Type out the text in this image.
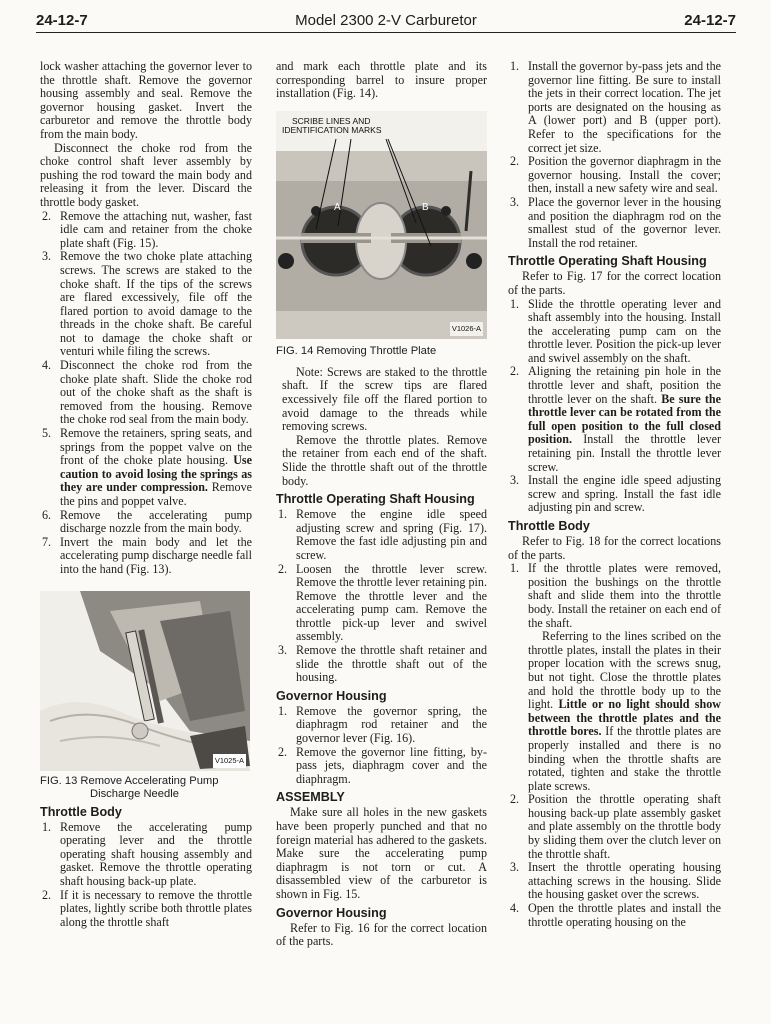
24-12-7	Model 2300 2-V Carburetor	24-12-7

lock washer attaching the governor lever to the throttle shaft. Remove the governor housing assembly and seal. Remove the governor housing gasket. Invert the carburetor and remove the throttle body from the main body.

Disconnect the choke rod from the choke control shaft lever assembly by pushing the rod toward the main body and releasing it from the lever. Discard the throttle body gasket.

2. Remove the attaching nut, washer, fast idle cam and retainer from the choke plate shaft (Fig. 15).
3. Remove the two choke plate attaching screws. The screws are staked to the choke shaft. If the tips of the screws are flared excessively, file off the flared portion to avoid damage to the threads in the choke shaft. Be careful not to damage the choke shaft or venturi while filing the screws.
4. Disconnect the choke rod from the choke plate shaft. Slide the choke rod out of the choke shaft as the shaft is removed from the housing. Remove the choke rod seal from the main body.
5. Remove the retainers, spring seats, and springs from the poppet valve on the front of the choke plate housing. Use caution to avoid losing the springs as they are under compression. Remove the pins and poppet valve.
6. Remove the accelerating pump discharge nozzle from the main body.
7. Invert the main body and let the accelerating pump discharge needle fall into the hand (Fig. 13).
V1025-A
FIG. 13 Remove Accelerating Pump
Discharge Needle
Throttle Body
1. Remove the accelerating pump operating lever and the throttle operating shaft housing assembly and gasket. Remove the throttle operating shaft housing back-up plate.
2. If it is necessary to remove the throttle plates, lightly scribe both throttle plates along the throttle shaft

and mark each throttle plate and its corresponding barrel to insure proper installation (Fig. 14).

SCRIBE LINES AND
IDENTIFICATION MARKS
A	B
V1026-A
FIG. 14 Removing Throttle Plate

Note: Screws are staked to the throttle shaft. If the screw tips are flared excessively file off the flared portion to avoid damage to the threads while removing screws.

Remove the throttle plates. Remove the retainer from each end of the shaft. Slide the throttle shaft out of the throttle body.

Throttle Operating Shaft Housing
1. Remove the engine idle speed adjusting screw and spring (Fig. 17). Remove the fast idle adjusting pin and screw.
2. Loosen the throttle lever screw. Remove the throttle lever retaining pin. Remove the throttle lever and the accelerating pump cam. Remove the throttle pick-up lever and swivel assembly.
3. Remove the throttle shaft retainer and slide the throttle shaft out of the housing.
Governor Housing
1. Remove the governor spring, the diaphragm rod retainer and the governor lever (Fig. 16).
2. Remove the governor line fitting, by-pass jets, diaphragm cover and the diaphragm.
ASSEMBLY

Make sure all holes in the new gaskets have been properly punched and that no foreign material has adhered to the gaskets. Make sure the accelerating pump diaphragm is not torn or cut. A disassembled view of the carburetor is shown in Fig. 15.

Governor Housing

Refer to Fig. 16 for the correct location of the parts.

1. Install the governor by-pass jets and the governor line fitting. Be sure to install the jets in their correct location. The jet ports are designated on the housing as A (lower port) and B (upper port). Refer to the specifications for the correct jet size.
2. Position the governor diaphragm in the governor housing. Install the cover; then, install a new safety wire and seal.
3. Place the governor lever in the housing and position the diaphragm rod on the smallest stud of the governor lever. Install the rod retainer.
Throttle Operating Shaft Housing

Refer to Fig. 17 for the correct location of the parts.

1. Slide the throttle operating lever and shaft assembly into the housing. Install the accelerating pump cam on the throttle lever. Position the pick-up lever and swivel assembly on the shaft.
2. Aligning the retaining pin hole in the throttle lever and shaft, position the throttle lever on the shaft. Be sure the throttle lever can be rotated from the full open position to the full closed position. Install the throttle lever retaining pin. Install the throttle lever screw.
3. Install the engine idle speed adjusting screw and spring. Install the fast idle adjusting pin and screw.
Throttle Body

Refer to Fig. 18 for the correct locations of the parts.

1. If the throttle plates were removed, position the bushings on the throttle shaft and slide them into the throttle body. Install the retainer on each end of the shaft.

Referring to the lines scribed on the throttle plates, install the plates in their proper location with the screws snug, but not tight. Close the throttle plates and hold the throttle body up to the light. Little or no light should show between the throttle plates and the throttle bores. If the throttle plates are properly installed and there is no binding when the throttle shafts are rotated, tighten and stake the throttle plate screws.

2. Position the throttle operating shaft housing back-up plate assembly gasket and plate assembly on the throttle body by sliding them over the clutch lever on the throttle shaft.
3. Insert the throttle operating housing attaching screws in the housing. Slide the housing gasket over the screws.
4. Open the throttle plates and install the throttle operating housing on the
